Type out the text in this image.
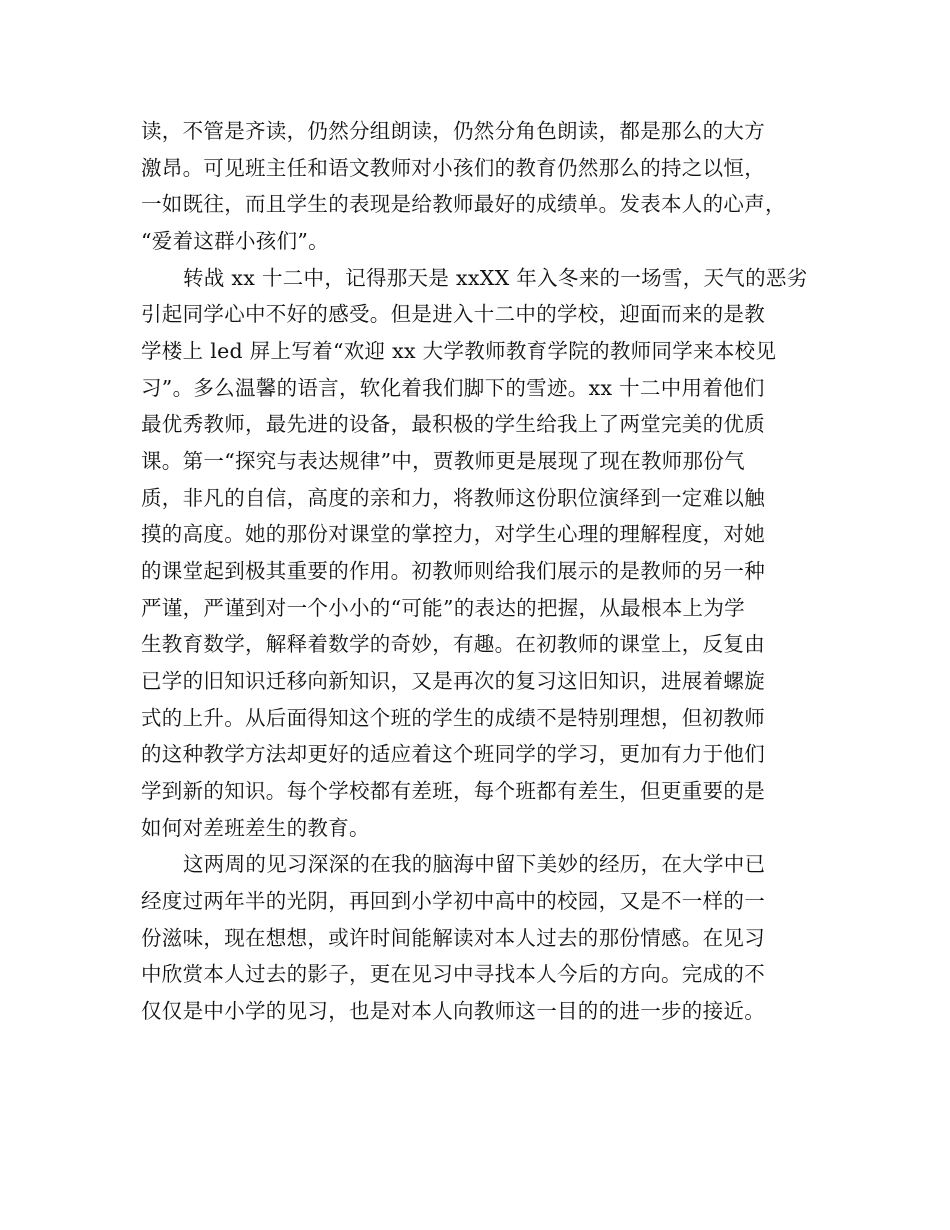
读，不管是齐读，仍然分组朗读，仍然分角色朗读，都是那么的大方
激昂。可见班主任和语文教师对小孩们的教育仍然那么的持之以恒，
一如既往，而且学生的表现是给教师最好的成绩单。发表本人的心声，
“爱着这群小孩们”。
转战 xx 十二中，记得那天是 xxXX 年入冬来的一场雪，天气的恶劣
引起同学心中不好的感受。但是进入十二中的学校，迎面而来的是教
学楼上 led 屏上写着“欢迎 xx 大学教师教育学院的教师同学来本校见
习”。多么温馨的语言，软化着我们脚下的雪迹。xx 十二中用着他们
最优秀教师，最先进的设备，最积极的学生给我上了两堂完美的优质
课。第一“探究与表达规律”中，贾教师更是展现了现在教师那份气
质，非凡的自信，高度的亲和力，将教师这份职位演绎到一定难以触
摸的高度。她的那份对课堂的掌控力，对学生心理的理解程度，对她
的课堂起到极其重要的作用。初教师则给我们展示的是教师的另一种
严谨，严谨到对一个小小的“可能”的表达的把握，从最根本上为学
生教育数学，解释着数学的奇妙，有趣。在初教师的课堂上，反复由
已学的旧知识迁移向新知识，又是再次的复习这旧知识，进展着螺旋
式的上升。从后面得知这个班的学生的成绩不是特别理想，但初教师
的这种教学方法却更好的适应着这个班同学的学习，更加有力于他们
学到新的知识。每个学校都有差班，每个班都有差生，但更重要的是
如何对差班差生的教育。
这两周的见习深深的在我的脑海中留下美妙的经历，在大学中已
经度过两年半的光阴，再回到小学初中高中的校园，又是不一样的一
份滋味，现在想想，或许时间能解读对本人过去的那份情感。在见习
中欣赏本人过去的影子，更在见习中寻找本人今后的方向。完成的不
仅仅是中小学的见习，也是对本人向教师这一目的的进一步的接近。
